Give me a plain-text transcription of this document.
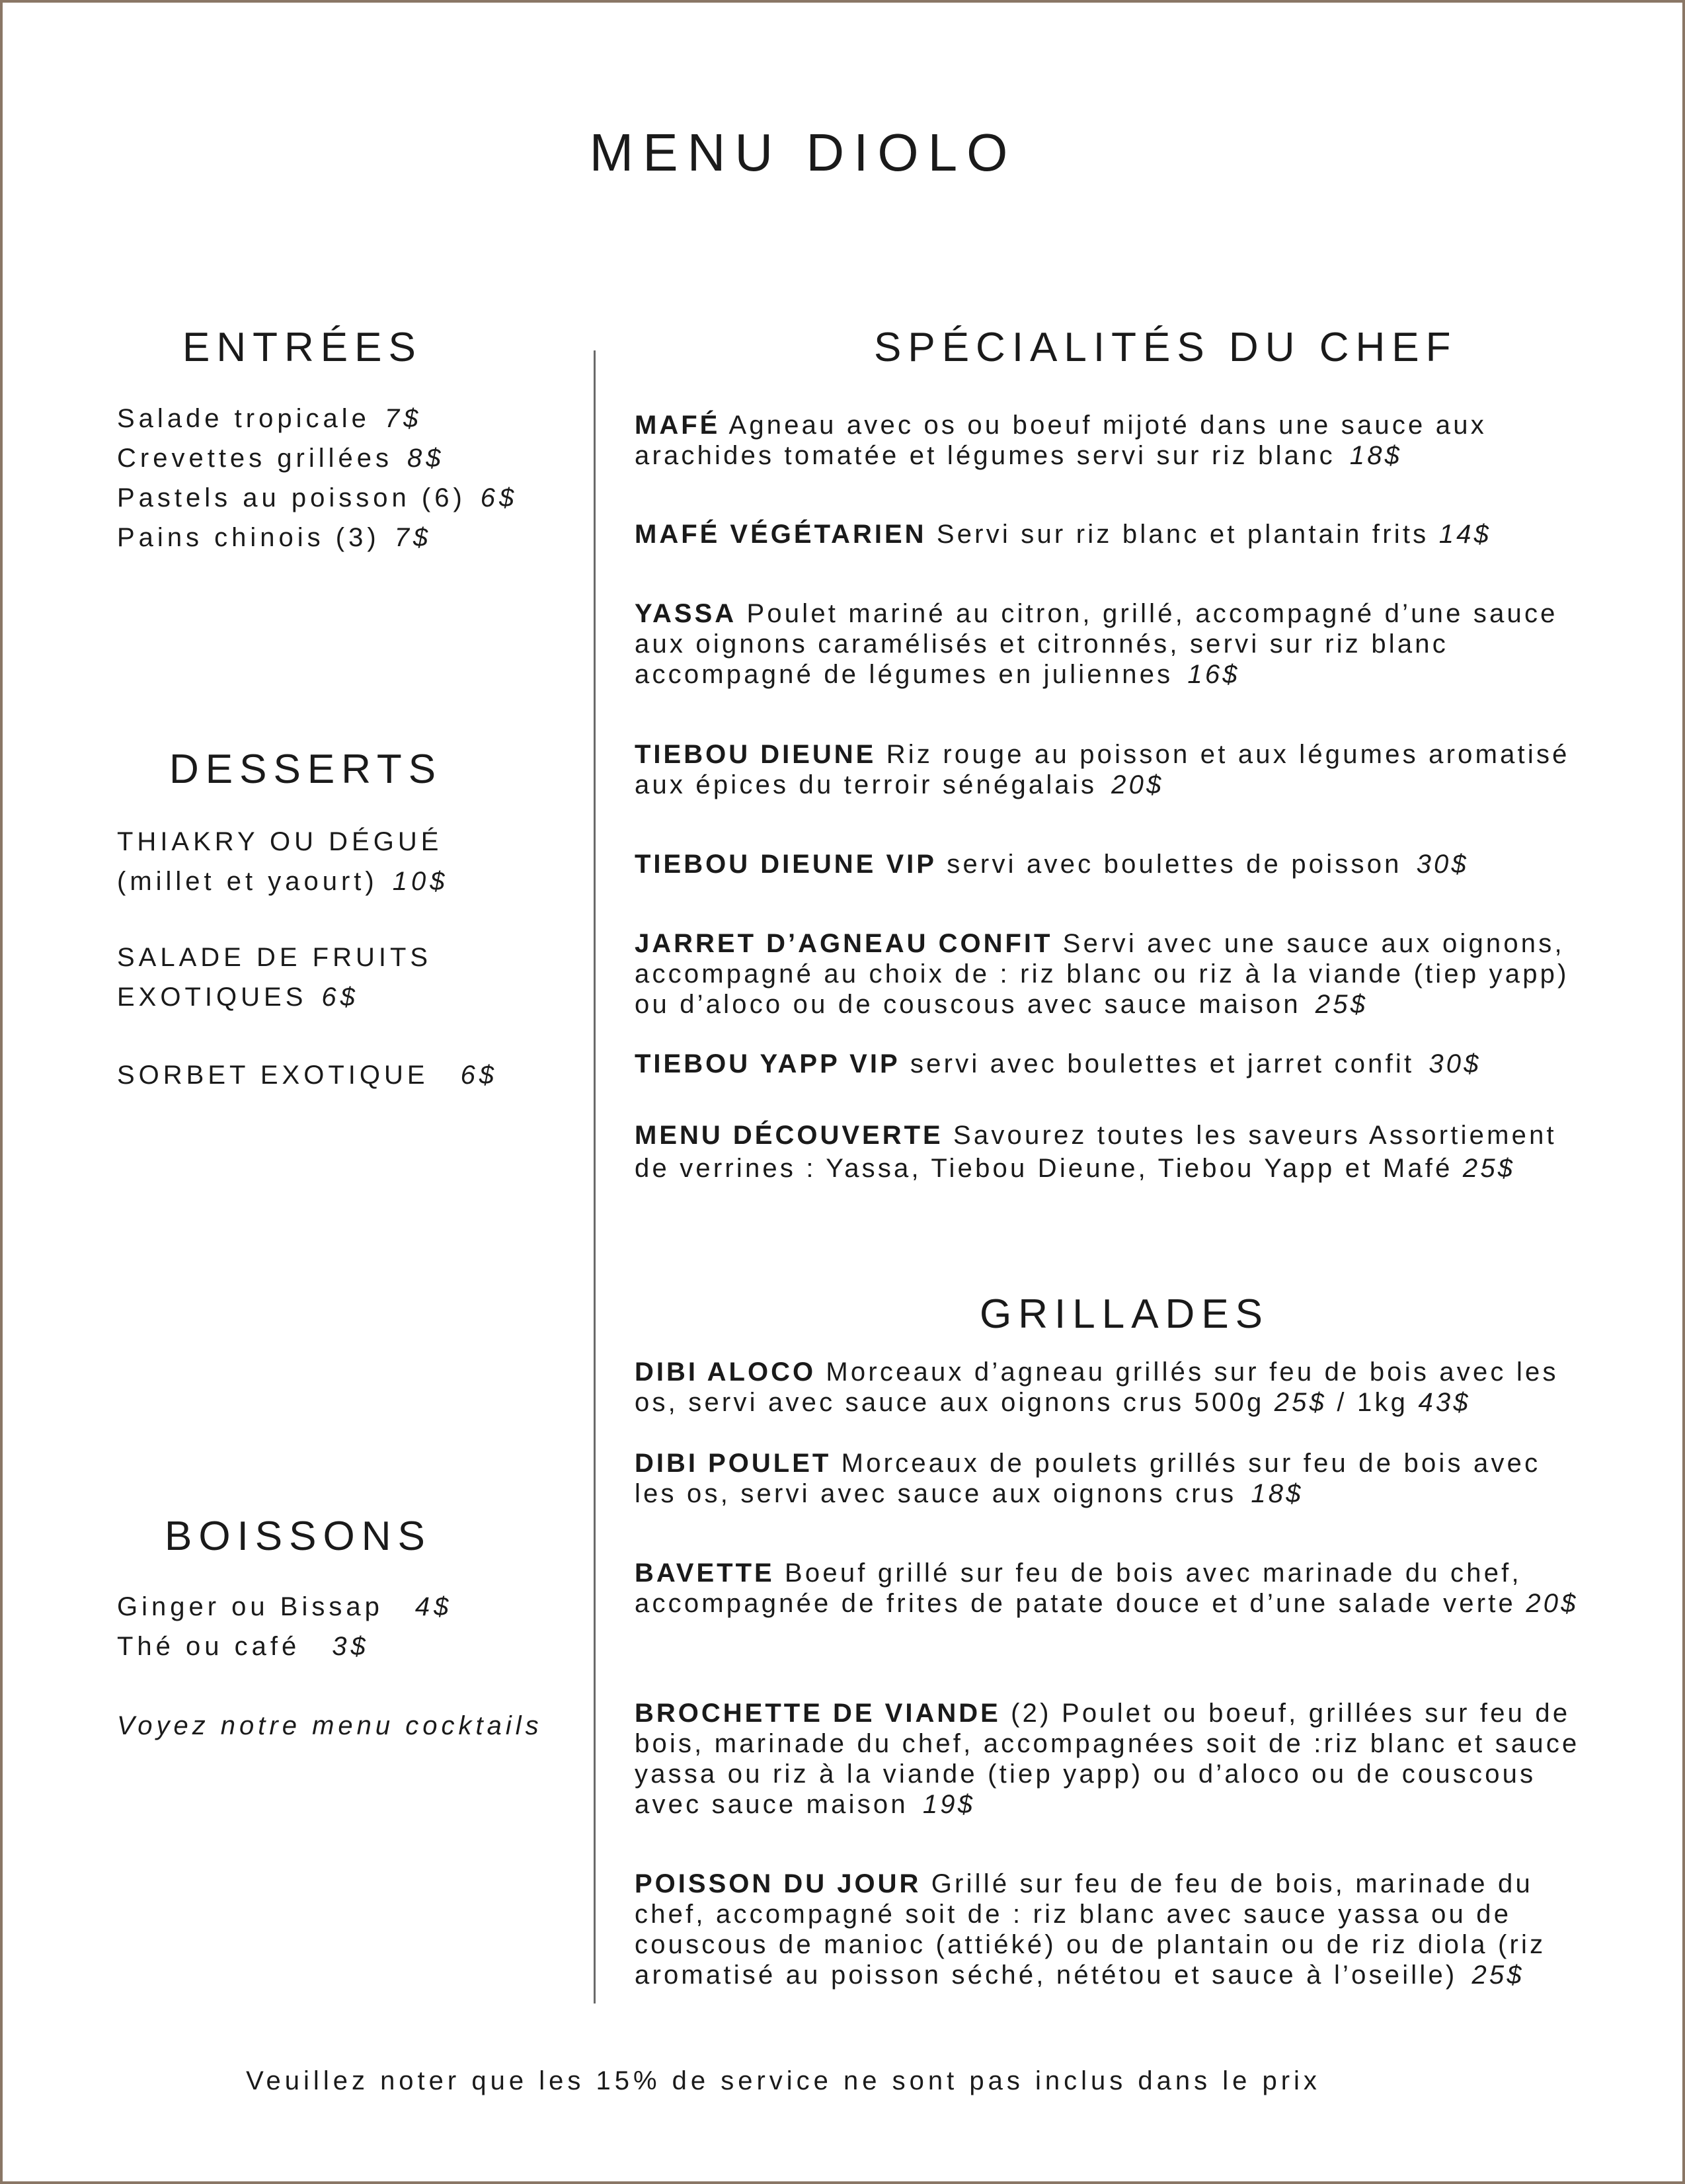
MENU DIOLO
ENTRÉES
Salade tropicale 7$
Crevettes grillées 8$
Pastels au poisson (6) 6$
Pains chinois (3) 7$
DESSERTS
THIAKRY OU DÉGUÉ
(millet et yaourt) 10$
SALADE DE FRUITS
EXOTIQUES 6$
SORBET EXOTIQUE 6$
BOISSONS
Ginger ou Bissap 4$
Thé ou café 3$
Voyez notre menu cocktails
SPÉCIALITÉS DU CHEF
MAFÉ Agneau avec os ou boeuf mijoté dans une sauce aux arachides tomatée et légumes servi sur riz blanc 18$
MAFÉ VÉGÉTARIEN Servi sur riz blanc et plantain frits 14$
YASSA Poulet mariné au citron, grillé, accompagné d’une sauce aux oignons caramélisés et citronnés, servi sur riz blanc accompagné de légumes en juliennes 16$
TIEBOU DIEUNE Riz rouge au poisson et aux légumes aromatisé aux épices du terroir sénégalais 20$
TIEBOU DIEUNE VIP servi avec boulettes de poisson 30$
JARRET D’AGNEAU CONFIT Servi avec une sauce aux oignons, accompagné au choix de : riz blanc ou riz à la viande (tiep yapp) ou d’aloco ou de couscous avec sauce maison 25$
TIEBOU YAPP VIP servi avec boulettes et jarret confit 30$
MENU DÉCOUVERTE Savourez toutes les saveurs Assortiement de verrines : Yassa, Tiebou Dieune, Tiebou Yapp et Mafé 25$
GRILLADES
DIBI ALOCO Morceaux d’agneau grillés sur feu de bois avec les os, servi avec sauce aux oignons crus 500g 25$ / 1kg 43$
DIBI POULET Morceaux de poulets grillés sur feu de bois avec les os, servi avec sauce aux oignons crus 18$
BAVETTE Boeuf grillé sur feu de bois avec marinade du chef, accompagnée de frites de patate douce et d’une salade verte 20$
BROCHETTE DE VIANDE (2) Poulet ou boeuf, grillées sur feu de bois, marinade du chef, accompagnées soit de :riz blanc et sauce yassa ou riz à la viande (tiep yapp) ou d’aloco ou de couscous avec sauce maison 19$
POISSON DU JOUR Grillé sur feu de feu de bois, marinade du chef, accompagné soit de : riz blanc avec sauce yassa ou de couscous de manioc (attiéké) ou de plantain ou de riz diola (riz aromatisé au poisson séché, nététou et sauce à l’oseille) 25$
Veuillez noter que les 15% de service ne sont pas inclus dans le prix
